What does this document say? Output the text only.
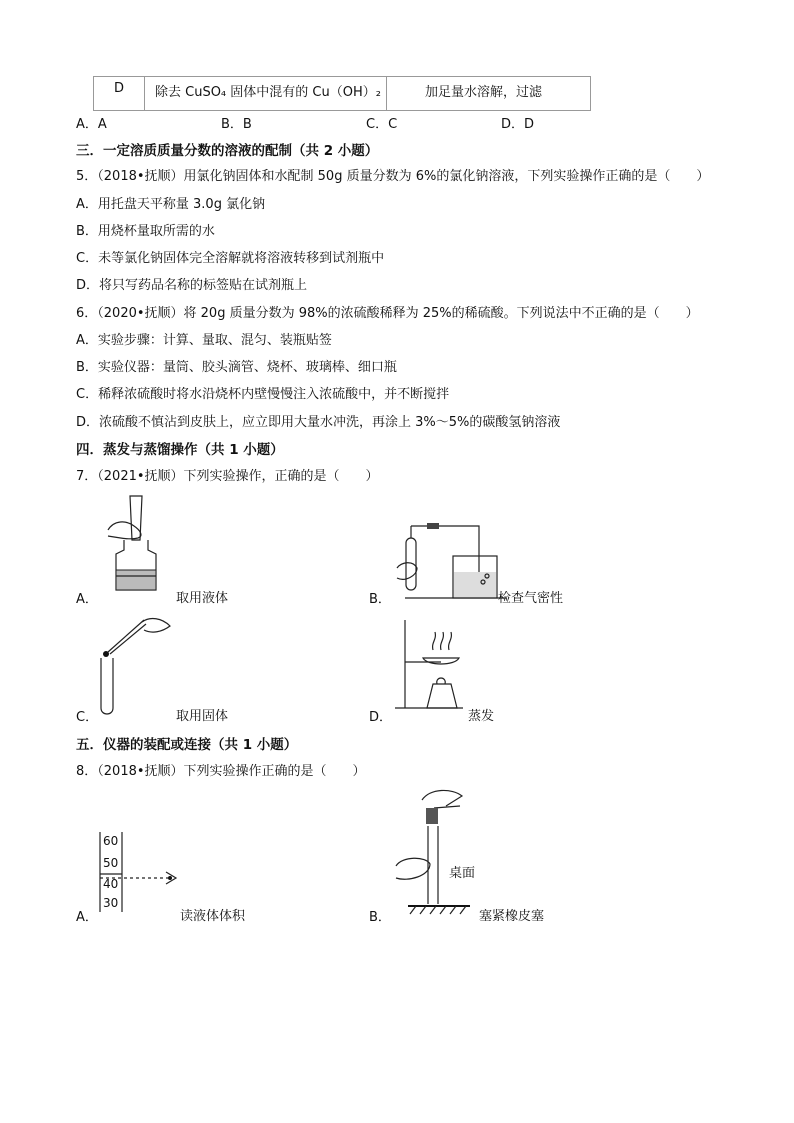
D 除去 CuSO₄ 固体中混有的 Cu（OH）₂	加足量水溶解，过滤
A．A	B．B	C．C	D．D
三．一定溶质质量分数的溶液的配制（共 2 小题）
5．（2018•抚顺）用氯化钠固体和水配制 50g 质量分数为 6%的氯化钠溶液，下列实验操作正确的是（　　）
A．用托盘天平称量 3.0g 氯化钠
B．用烧杯量取所需的水
C．未等氯化钠固体完全溶解就将溶液转移到试剂瓶中
D．将只写药品名称的标签贴在试剂瓶上
6．（2020•抚顺）将 20g 质量分数为 98%的浓硫酸稀释为 25%的稀硫酸。下列说法中不正确的是（　　）
A．实验步骤：计算、量取、混匀、装瓶贴签
B．实验仪器：量筒、胶头滴管、烧杯、玻璃棒、细口瓶
C．稀释浓硫酸时将水沿烧杯内壁慢慢注入浓硫酸中，并不断搅拌
D．浓硫酸不慎沾到皮肤上，应立即用大量水冲洗，再涂上 3%～5%的碳酸氢钠溶液
四．蒸发与蒸馏操作（共 1 小题）
7．（2021•抚顺）下列实验操作，正确的是（　　）
A．	取用液体	B．	检查气密性
C．	取用固体	D．	蒸发
五．仪器的装配或连接（共 1 小题）
8．（2018•抚顺）下列实验操作正确的是（　　）
60
50
40
30
A．	读液体体积
桌面
B．	塞紧橡皮塞
